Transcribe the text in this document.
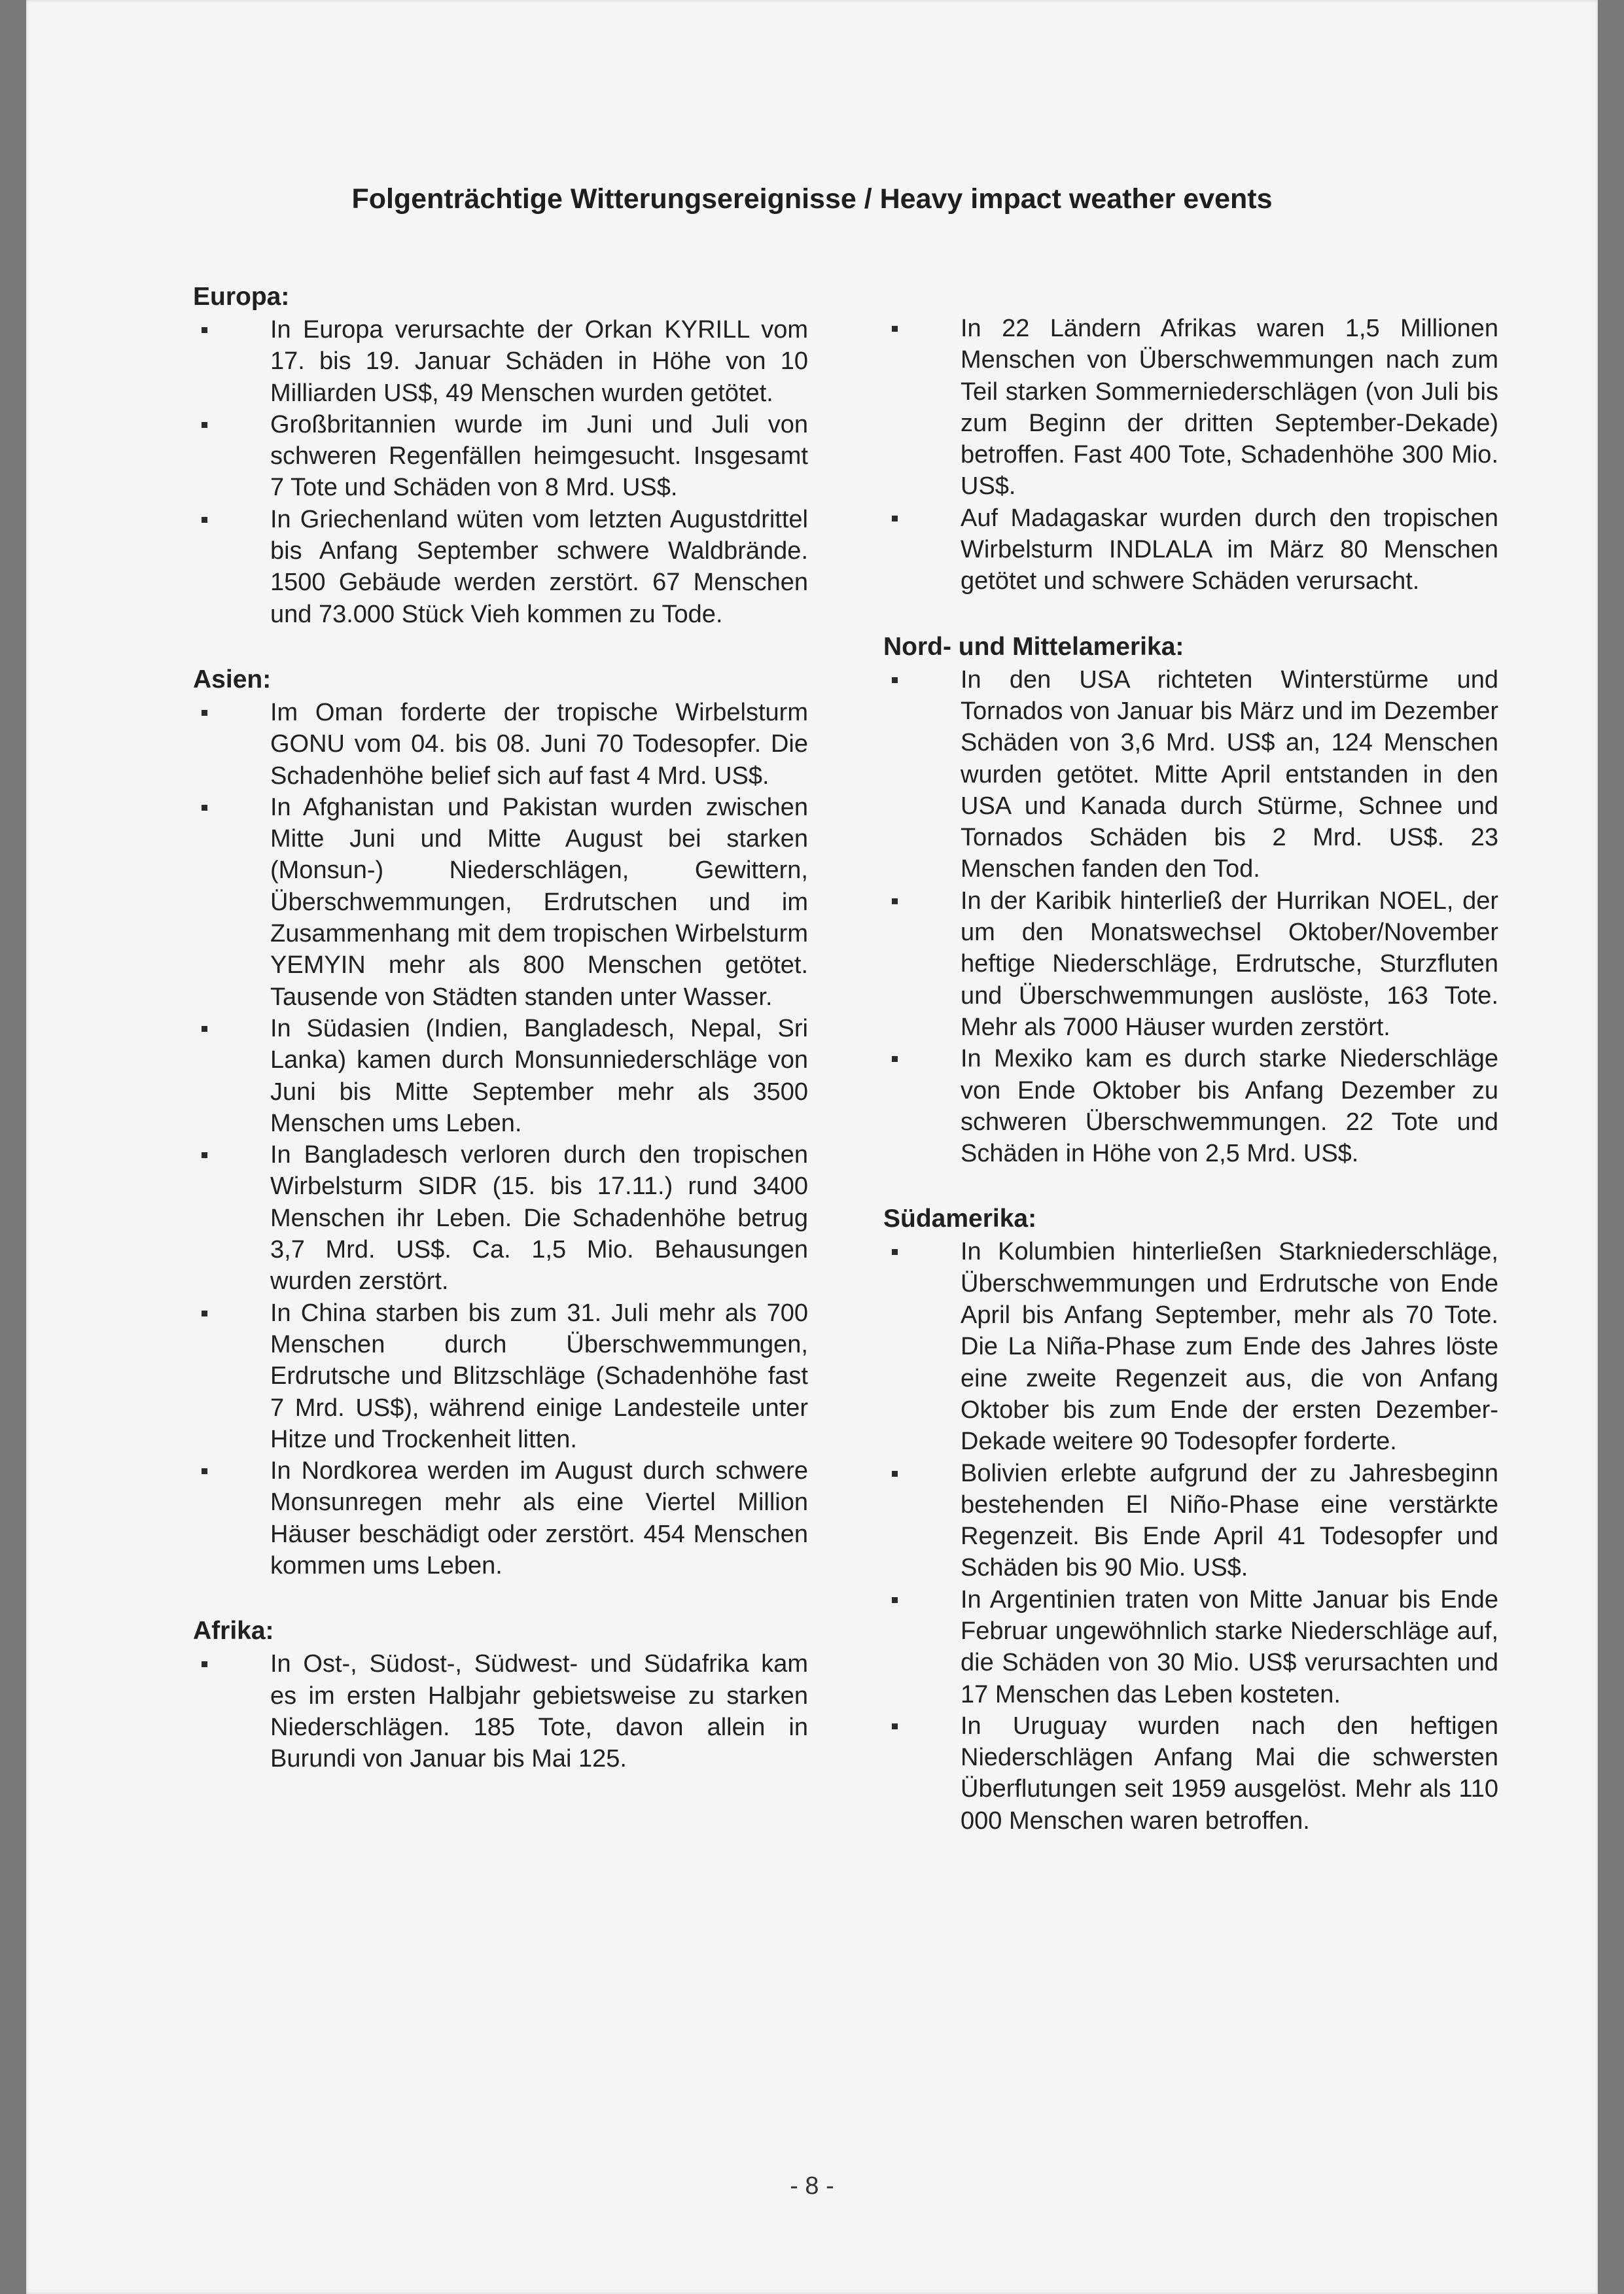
Folgenträchtige Witterungsereignisse / Heavy impact weather events
Europa:
In Europa verursachte der Orkan KYRILL vom 17. bis 19. Januar Schäden in Höhe von 10 Milliarden US$, 49 Menschen wurden getötet.
Großbritannien wurde im Juni und Juli von schweren Regenfällen heimgesucht. Insgesamt 7 Tote und Schäden von 8 Mrd. US$.
In Griechenland wüten vom letzten Augustdrittel bis Anfang September schwere Waldbrände. 1500 Gebäude werden zerstört. 67 Menschen und 73.000 Stück Vieh kommen zu Tode.
Asien:
Im Oman forderte der tropische Wirbelsturm GONU vom 04. bis 08. Juni 70 Todesopfer. Die Schadenhöhe belief sich auf fast 4 Mrd. US$.
In Afghanistan und Pakistan wurden zwischen Mitte Juni und Mitte August bei starken (Monsun-) Niederschlägen, Gewittern, Überschwemmungen, Erdrutschen und im Zusammenhang mit dem tropischen Wirbelsturm YEMYIN mehr als 800 Menschen getötet. Tausende von Städten standen unter Wasser.
In Südasien (Indien, Bangladesch, Nepal, Sri Lanka) kamen durch Monsunniederschläge von Juni bis Mitte September mehr als 3500 Menschen ums Leben.
In Bangladesch verloren durch den tropischen Wirbelsturm SIDR (15. bis 17.11.) rund 3400 Menschen ihr Leben. Die Schadenhöhe betrug 3,7 Mrd. US$. Ca. 1,5 Mio. Behausungen wurden zerstört.
In China starben bis zum 31. Juli mehr als 700 Menschen durch Überschwemmungen, Erdrutsche und Blitzschläge (Schadenhöhe fast 7 Mrd. US$), während einige Landesteile unter Hitze und Trockenheit litten.
In Nordkorea werden im August durch schwere Monsunregen mehr als eine Viertel Million Häuser beschädigt oder zerstört. 454 Menschen kommen ums Leben.
Afrika:
In Ost-, Südost-, Südwest- und Südafrika kam es im ersten Halbjahr gebietsweise zu starken Niederschlägen. 185 Tote, davon allein in Burundi von Januar bis Mai 125.
In 22 Ländern Afrikas waren 1,5 Millionen Menschen von Überschwemmungen nach zum Teil starken Sommerniederschlägen (von Juli bis zum Beginn der dritten September-Dekade) betroffen. Fast 400 Tote, Schadenhöhe 300 Mio. US$.
Auf Madagaskar wurden durch den tropischen Wirbelsturm INDLALA im März 80 Menschen getötet und schwere Schäden verursacht.
Nord- und Mittelamerika:
In den USA richteten Winterstürme und Tornados von Januar bis März und im Dezember Schäden von 3,6 Mrd. US$ an, 124 Menschen wurden getötet. Mitte April entstanden in den USA und Kanada durch Stürme, Schnee und Tornados Schäden bis 2 Mrd. US$. 23 Menschen fanden den Tod.
In der Karibik hinterließ der Hurrikan NOEL, der um den Monatswechsel Oktober/November heftige Niederschläge, Erdrutsche, Sturzfluten und Überschwemmungen auslöste, 163 Tote. Mehr als 7000 Häuser wurden zerstört.
In Mexiko kam es durch starke Niederschläge von Ende Oktober bis Anfang Dezember zu schweren Überschwemmungen. 22 Tote und Schäden in Höhe von 2,5 Mrd. US$.
Südamerika:
In Kolumbien hinterließen Starkniederschläge, Überschwemmungen und Erdrutsche von Ende April bis Anfang September, mehr als 70 Tote. Die La Niña-Phase zum Ende des Jahres löste eine zweite Regenzeit aus, die von Anfang Oktober bis zum Ende der ersten Dezember-Dekade weitere 90 Todesopfer forderte.
Bolivien erlebte aufgrund der zu Jahresbeginn bestehenden El Niño-Phase eine verstärkte Regenzeit. Bis Ende April 41 Todesopfer und Schäden bis 90 Mio. US$.
In Argentinien traten von Mitte Januar bis Ende Februar ungewöhnlich starke Niederschläge auf, die Schäden von 30 Mio. US$ verursachten und 17 Menschen das Leben kosteten.
In Uruguay wurden nach den heftigen Niederschlägen Anfang Mai die schwersten Überflutungen seit 1959 ausgelöst. Mehr als 110 000 Menschen waren betroffen.
- 8 -
